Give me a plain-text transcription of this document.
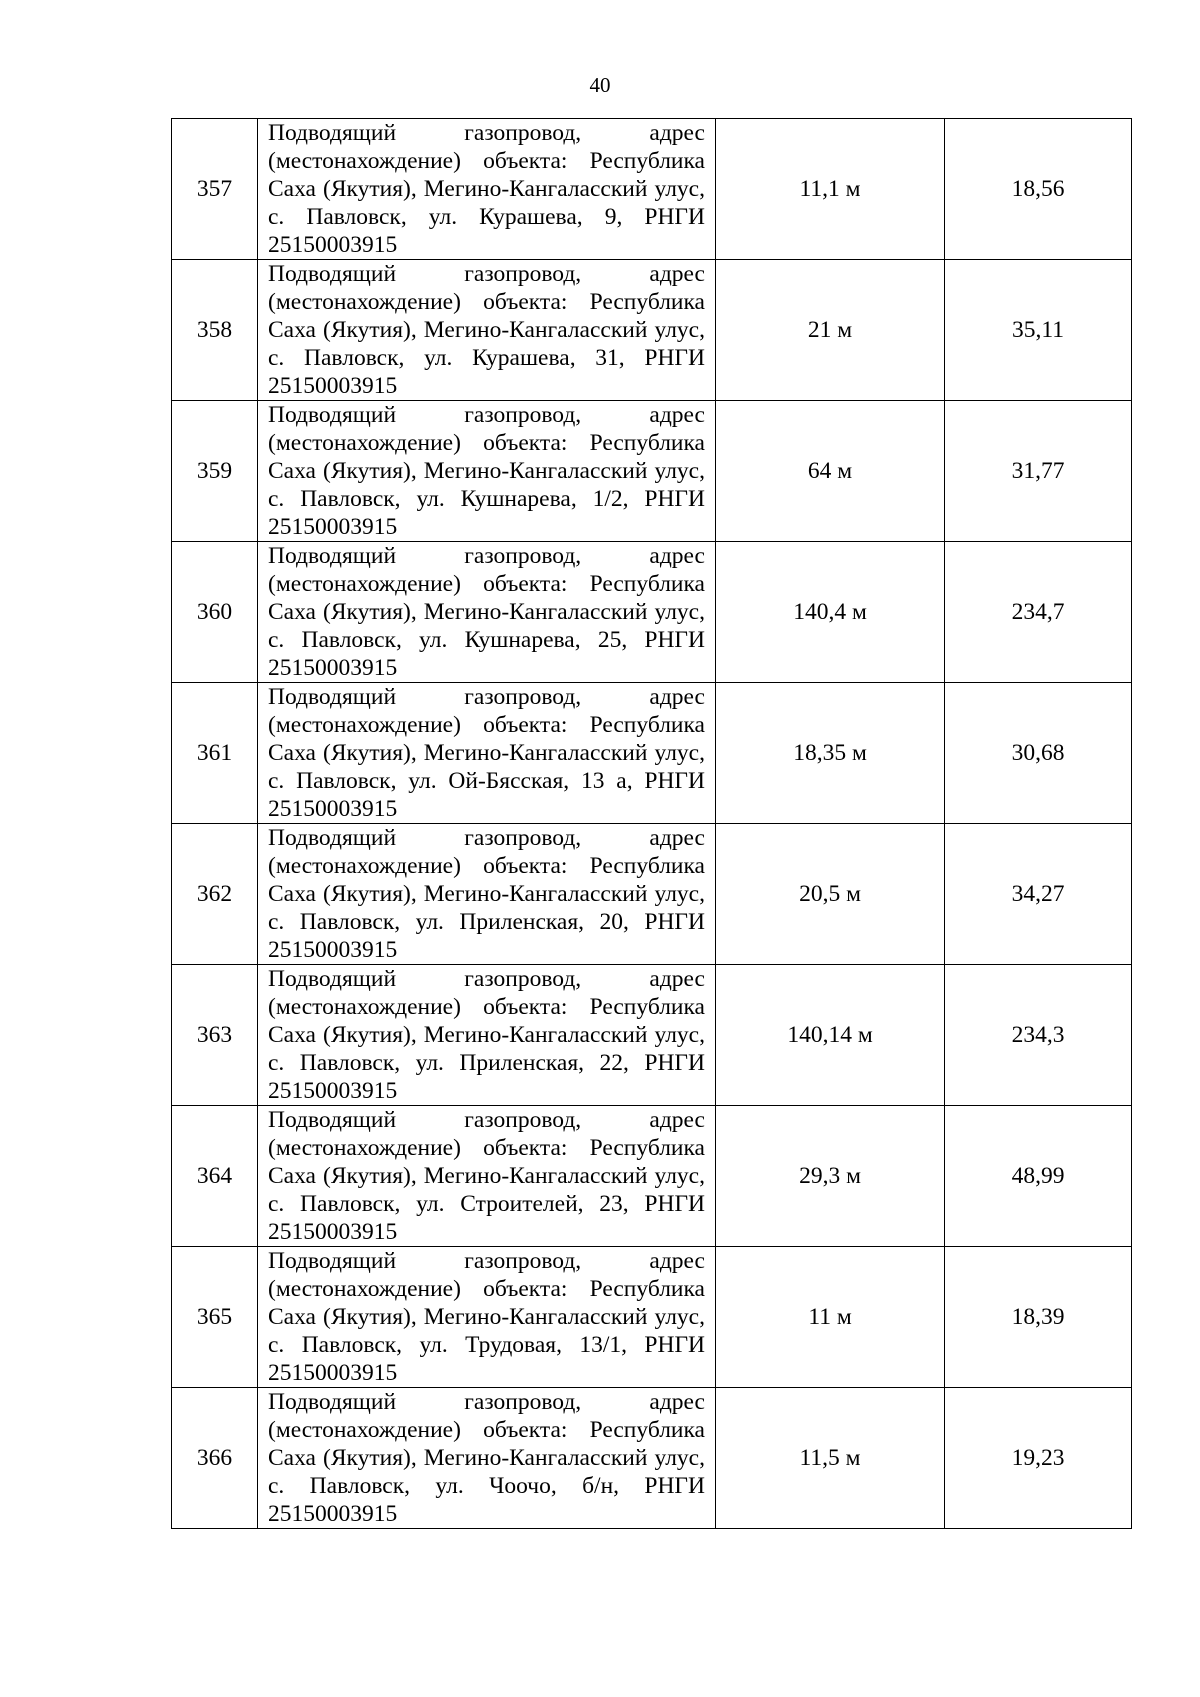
40
357	Подводящий газопровод, адрес (местонахождение) объекта: Республика Саха (Якутия), Мегино-Кангаласский улус, с. Павловск, ул. Курашева, 9, РНГИ 25150003915	11,1 м	18,56
358	Подводящий газопровод, адрес (местонахождение) объекта: Республика Саха (Якутия), Мегино-Кангаласский улус, с. Павловск, ул. Курашева, 31, РНГИ 25150003915	21 м	35,11
359	Подводящий газопровод, адрес (местонахождение) объекта: Республика Саха (Якутия), Мегино-Кангаласский улус, с. Павловск, ул. Кушнарева, 1/2, РНГИ 25150003915	64 м	31,77
360	Подводящий газопровод, адрес (местонахождение) объекта: Республика Саха (Якутия), Мегино-Кангаласский улус, с. Павловск, ул. Кушнарева, 25, РНГИ 25150003915	140,4 м	234,7
361	Подводящий газопровод, адрес (местонахождение) объекта: Республика Саха (Якутия), Мегино-Кангаласский улус, с. Павловск, ул. Ой-Бясская, 13 а, РНГИ 25150003915	18,35 м	30,68
362	Подводящий газопровод, адрес (местонахождение) объекта: Республика Саха (Якутия), Мегино-Кангаласский улус, с. Павловск, ул. Приленская, 20, РНГИ 25150003915	20,5 м	34,27
363	Подводящий газопровод, адрес (местонахождение) объекта: Республика Саха (Якутия), Мегино-Кангаласский улус, с. Павловск, ул. Приленская, 22, РНГИ 25150003915	140,14 м	234,3
364	Подводящий газопровод, адрес (местонахождение) объекта: Республика Саха (Якутия), Мегино-Кангаласский улус, с. Павловск, ул. Строителей, 23, РНГИ 25150003915	29,3 м	48,99
365	Подводящий газопровод, адрес (местонахождение) объекта: Республика Саха (Якутия), Мегино-Кангаласский улус, с. Павловск, ул. Трудовая, 13/1, РНГИ 25150003915	11 м	18,39
366	Подводящий газопровод, адрес (местонахождение) объекта: Республика Саха (Якутия), Мегино-Кангаласский улус, с. Павловск, ул. Чоочо, б/н, РНГИ 25150003915	11,5 м	19,23
